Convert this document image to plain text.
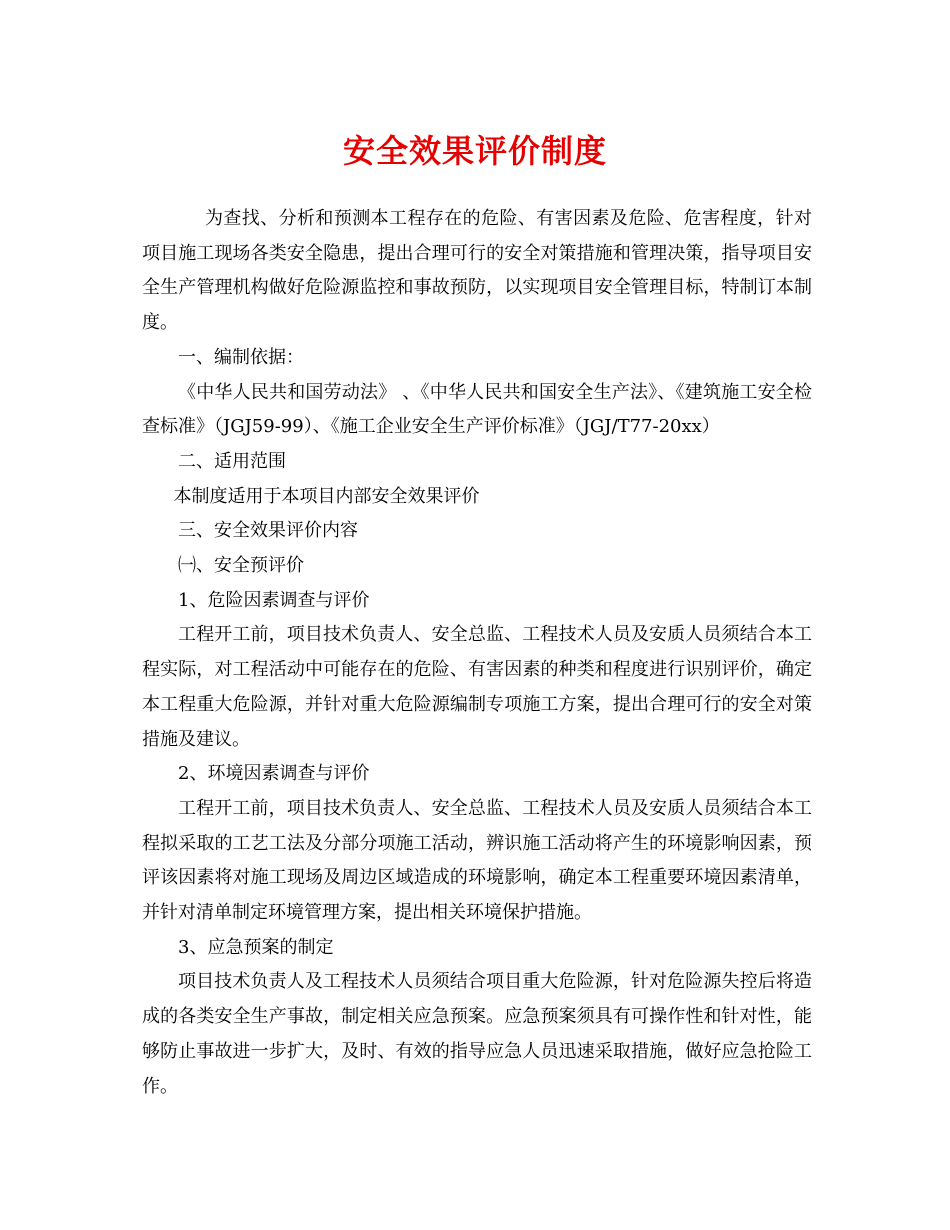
安全效果评价制度

为查找、分析和预测本工程存在的危险、有害因素及危险、危害程度，针对项目施工现场各类安全隐患，提出合理可行的安全对策措施和管理决策，指导项目安全生产管理机构做好危险源监控和事故预防，以实现项目安全管理目标，特制订本制度。

一、编制依据：

《中华人民共和国劳动法》 、《中华人民共和国安全生产法》、《建筑施工安全检查标准》（JGJ59-99）、《施工企业安全生产评价标准》（JGJ/T77-20xx）

二、适用范围

本制度适用于本项目内部安全效果评价

三、安全效果评价内容

㈠、安全预评价

1、危险因素调查与评价

工程开工前，项目技术负责人、安全总监、工程技术人员及安质人员须结合本工程实际，对工程活动中可能存在的危险、有害因素的种类和程度进行识别评价，确定本工程重大危险源，并针对重大危险源编制专项施工方案，提出合理可行的安全对策措施及建议。

2、环境因素调查与评价

工程开工前，项目技术负责人、安全总监、工程技术人员及安质人员须结合本工程拟采取的工艺工法及分部分项施工活动，辨识施工活动将产生的环境影响因素，预评该因素将对施工现场及周边区域造成的环境影响，确定本工程重要环境因素清单，并针对清单制定环境管理方案，提出相关环境保护措施。

3、应急预案的制定

项目技术负责人及工程技术人员须结合项目重大危险源，针对危险源失控后将造成的各类安全生产事故，制定相关应急预案。应急预案须具有可操作性和针对性，能够防止事故进一步扩大，及时、有效的指导应急人员迅速采取措施，做好应急抢险工作。
